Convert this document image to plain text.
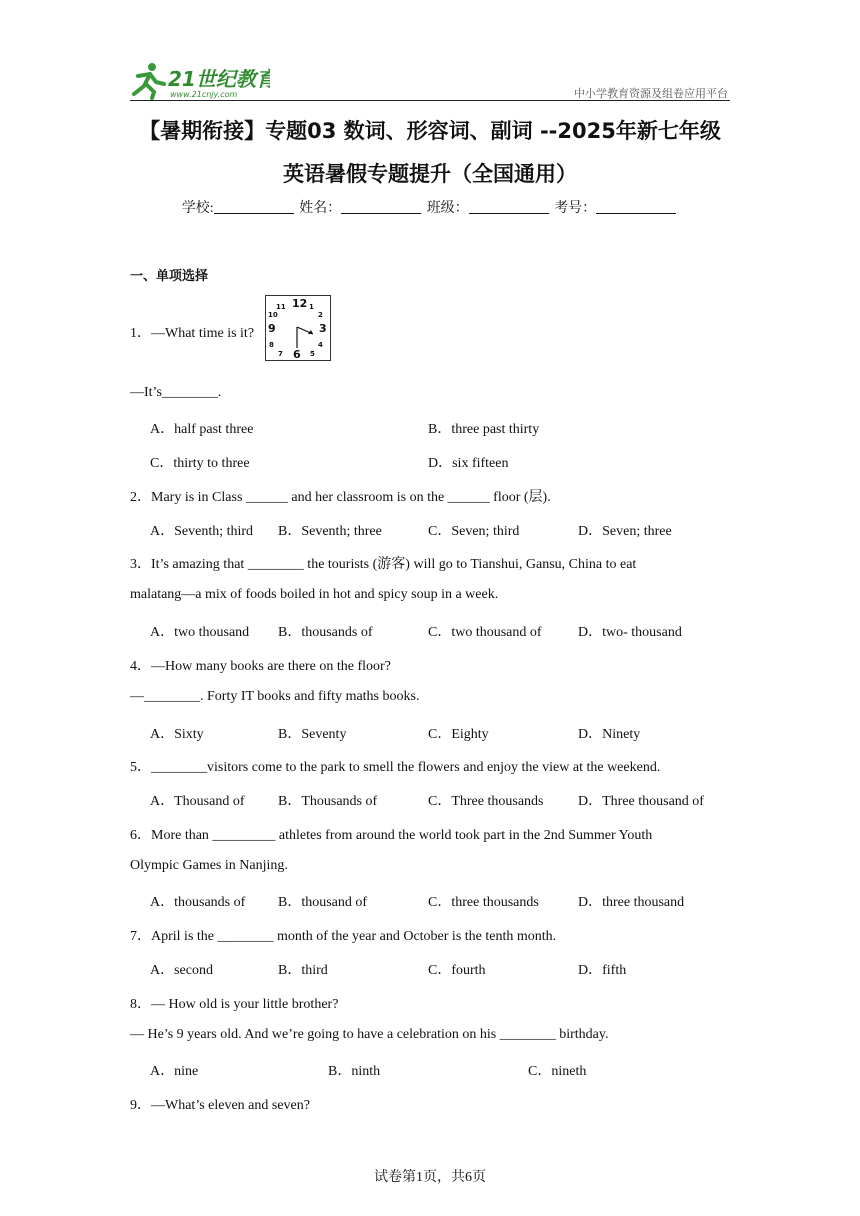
21世纪教育
www.21cnjy.com	中小学教育资源及组卷应用平台
【暑期衔接】专题03 数词、形容词、副词 --2025年新七年级
英语暑假专题提升（全国通用）
学校:	姓名：	班级：	考号：
一、单项选择
1．—What time is it?
12 1
2
3
4
5
6
7
8
9
10
11
—It’s________.
A．half past three	B．three past thirty
C．thirty to three	D．six fifteen
2．Mary is in Class ______ and her classroom is on the ______ floor (层).
A．Seventh; third B．Seventh; three	C．Seven; third	D．Seven; three
3．It’s amazing that ________ the tourists (游客) will go to Tianshui, Gansu, China to eat
malatang—a mix of foods boiled in hot and spicy soup in a week.
A．two thousand B．thousands of	C．two thousand of	D．two- thousand
4．—How many books are there on the floor?
—________. Forty IT books and fifty maths books.
A．Sixty	B．Seventy	C．Eighty	D．Ninety
5．________visitors come to the park to smell the flowers and enjoy the view at the weekend.
A．Thousand of B．Thousands of	C．Three thousands D．Three thousand of
6．More than _________ athletes from around the world took part in the 2nd Summer Youth
Olympic Games in Nanjing.
A．thousands of B．thousand of	C．three thousands	D．three thousand
7．April is the ________ month of the year and October is the tenth month.
A．second	B．third	C．fourth	D．fifth
8．— How old is your little brother?
— He’s 9 years old. And we’re going to have a celebration on his ________ birthday.
A．nine	B．ninth	C．nineth
9．—What’s eleven and seven?
试卷第1页，共6页
